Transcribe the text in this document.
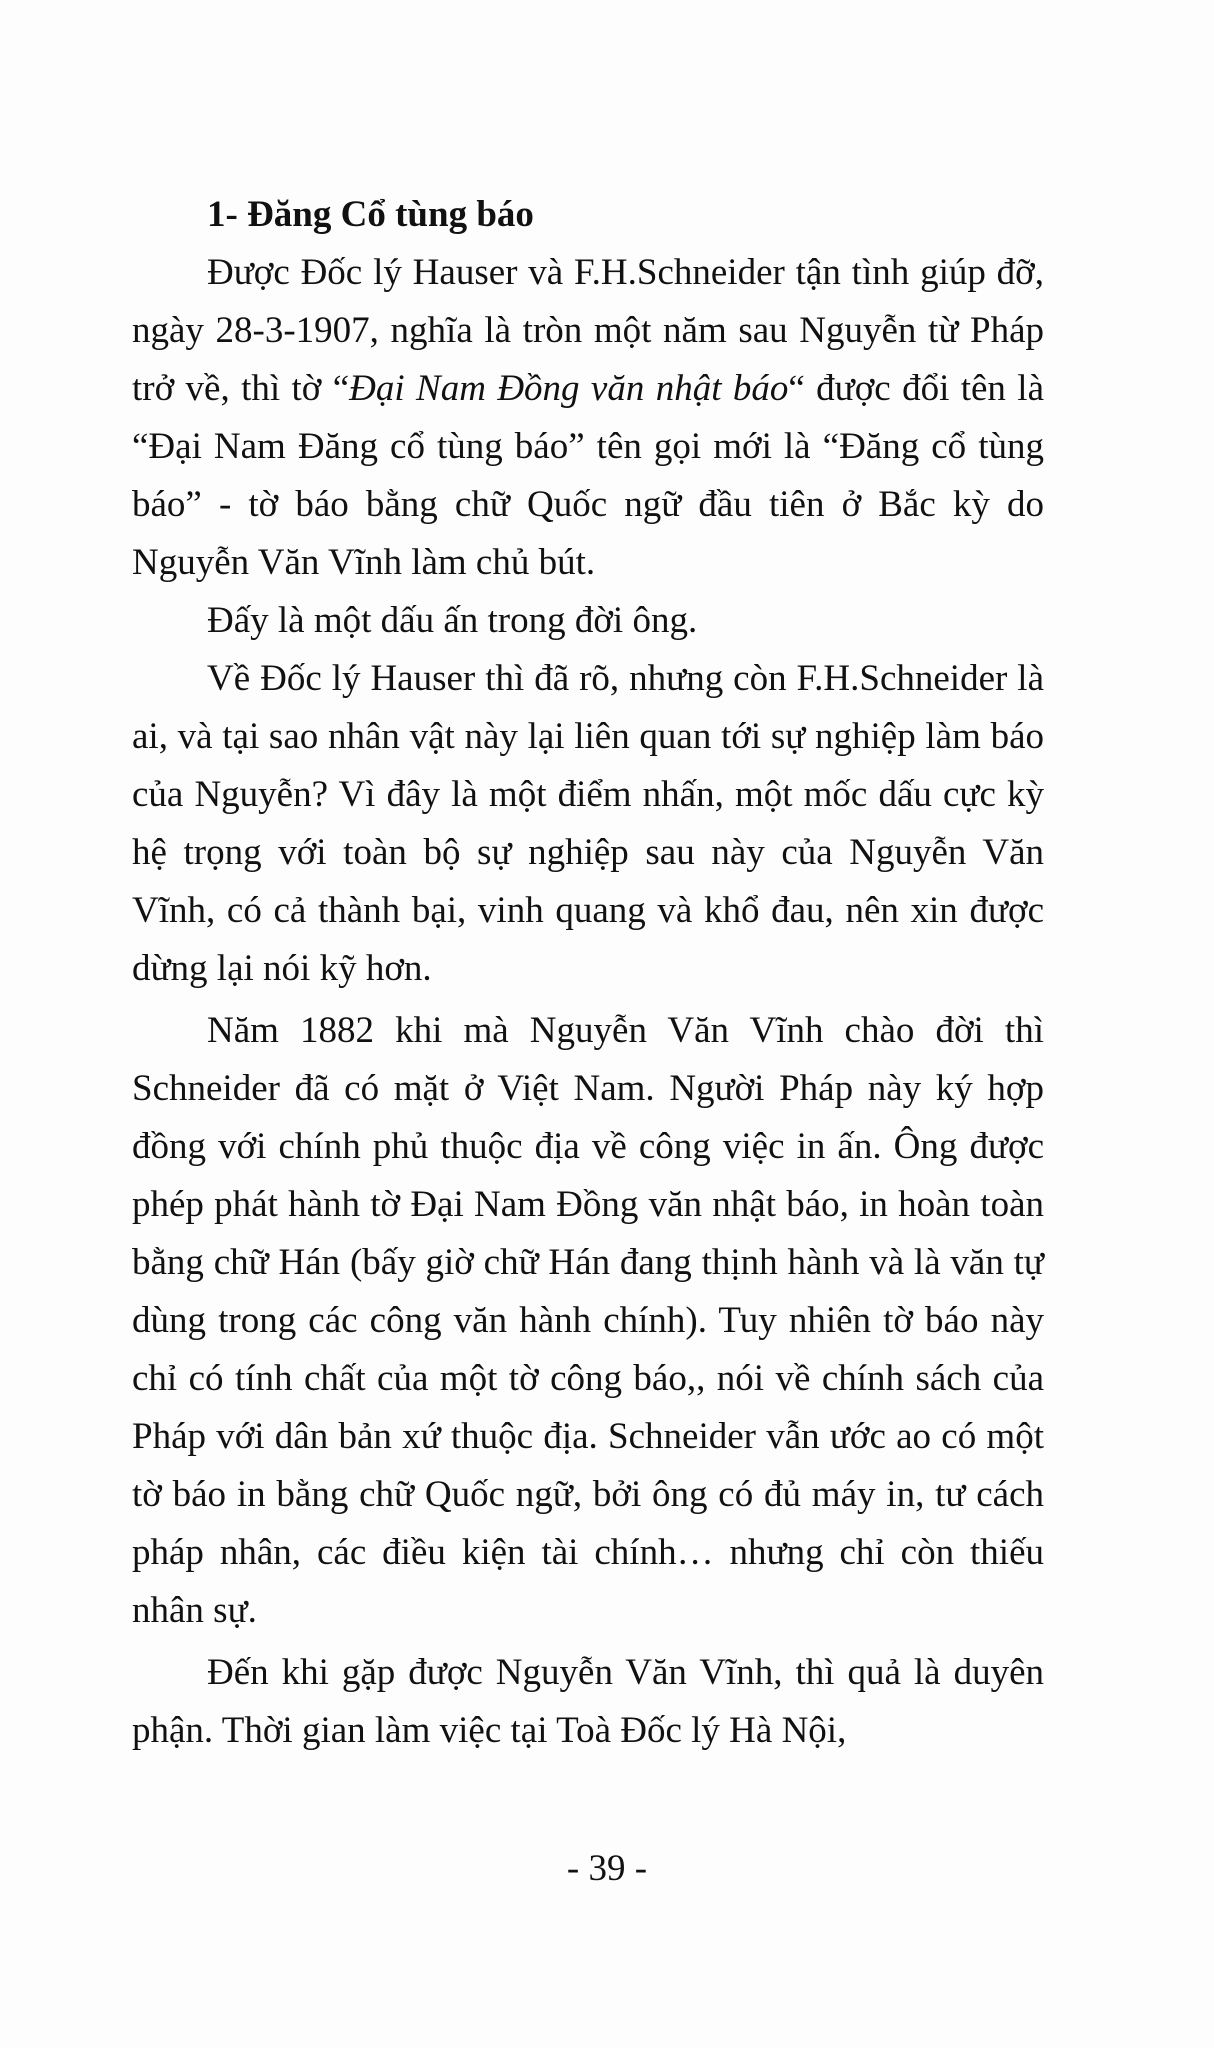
1- Đăng Cổ tùng báo

Được Đốc lý Hauser và F.H.Schneider tận tình giúp đỡ, ngày 28-3-1907, nghĩa là tròn một năm sau Nguyễn từ Pháp trở về, thì tờ “Đại Nam Đồng văn nhật báo“ được đổi tên là “Đại Nam Đăng cổ tùng báo” tên gọi mới là “Đăng cổ tùng báo” - tờ báo bằng chữ Quốc ngữ đầu tiên ở Bắc kỳ do Nguyễn Văn Vĩnh làm chủ bút.

Đấy là một dấu ấn trong đời ông.

Về Đốc lý Hauser thì đã rõ, nhưng còn F.H.Schneider là ai, và tại sao nhân vật này lại liên quan tới sự nghiệp làm báo của Nguyễn? Vì đây là một điểm nhấn, một mốc dấu cực kỳ hệ trọng với toàn bộ sự nghiệp sau này của Nguyễn Văn Vĩnh, có cả thành bại, vinh quang và khổ đau, nên xin được dừng lại nói kỹ hơn.

Năm 1882 khi mà Nguyễn Văn Vĩnh chào đời thì Schneider đã có mặt ở Việt Nam. Người Pháp này ký hợp đồng với chính phủ thuộc địa về công việc in ấn. Ông được phép phát hành tờ Đại Nam Đồng văn nhật báo, in hoàn toàn bằng chữ Hán (bấy giờ chữ Hán đang thịnh hành và là văn tự dùng trong các công văn hành chính). Tuy nhiên tờ báo này chỉ có tính chất của một tờ công báo,, nói về chính sách của Pháp với dân bản xứ thuộc địa. Schneider vẫn ước ao có một tờ báo in bằng chữ Quốc ngữ, bởi ông có đủ máy in, tư cách pháp nhân, các điều kiện tài chính… nhưng chỉ còn thiếu nhân sự.

Đến khi gặp được Nguyễn Văn Vĩnh, thì quả là duyên phận. Thời gian làm việc tại Toà Đốc lý Hà Nội,

- 39 -
